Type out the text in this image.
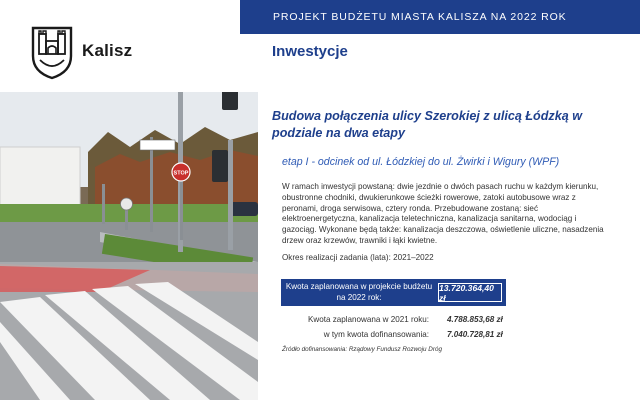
Kalisz
STOP
PROJEKT BUDŻETU MIASTA KALISZA NA 2022 ROK
Inwestycje
Budowa połączenia ulicy Szerokiej z ulicą Łódzką w podziale na dwa etapy
etap I - odcinek od ul. Łódzkiej do ul. Żwirki i Wigury (WPF)
W ramach inwestycji powstaną: dwie jezdnie o dwóch pasach ruchu w każdym kierunku, obustronne chodniki, dwukierunkowe ścieżki rowerowe, zatoki autobusowe wraz z peronami, droga serwisowa, cztery ronda. Przebudowane zostaną: sieć elektroenergetyczna, kanalizacja teletechniczna, kanalizacja sanitarna, wodociąg i gazociąg. Wykonane będą także: kanalizacja deszczowa, oświetlenie uliczne, nasadzenia drzew oraz krzewów, trawniki i łąki kwietne.
Okres realizacji zadania (lata): 2021–2022
Kwota zaplanowana w projekcie budżetu na 2022 rok:
13.720.364,40 zł
Kwota zaplanowana w 2021 roku: 4.788.853,68 zł
w tym kwota dofinansowania: 7.040.728,81 zł
Źródło dofinansowania: Rządowy Fundusz Rozwoju Dróg
